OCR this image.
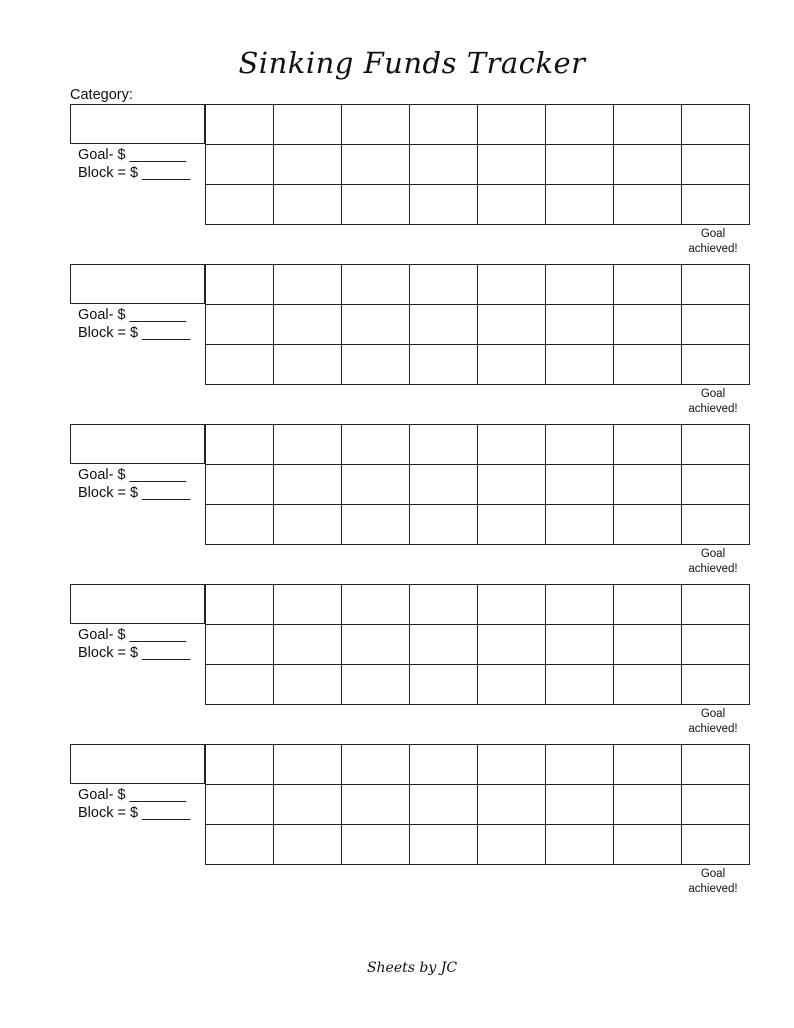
Sinking Funds Tracker
Category:
Goal- $ _______
Block = $ ______
Goal
achieved!
Goal- $ _______
Block = $ ______
Goal
achieved!
Goal- $ _______
Block = $ ______
Goal
achieved!
Goal- $ _______
Block = $ ______
Goal
achieved!
Goal- $ _______
Block = $ ______
Goal
achieved!
Sheets by JC
